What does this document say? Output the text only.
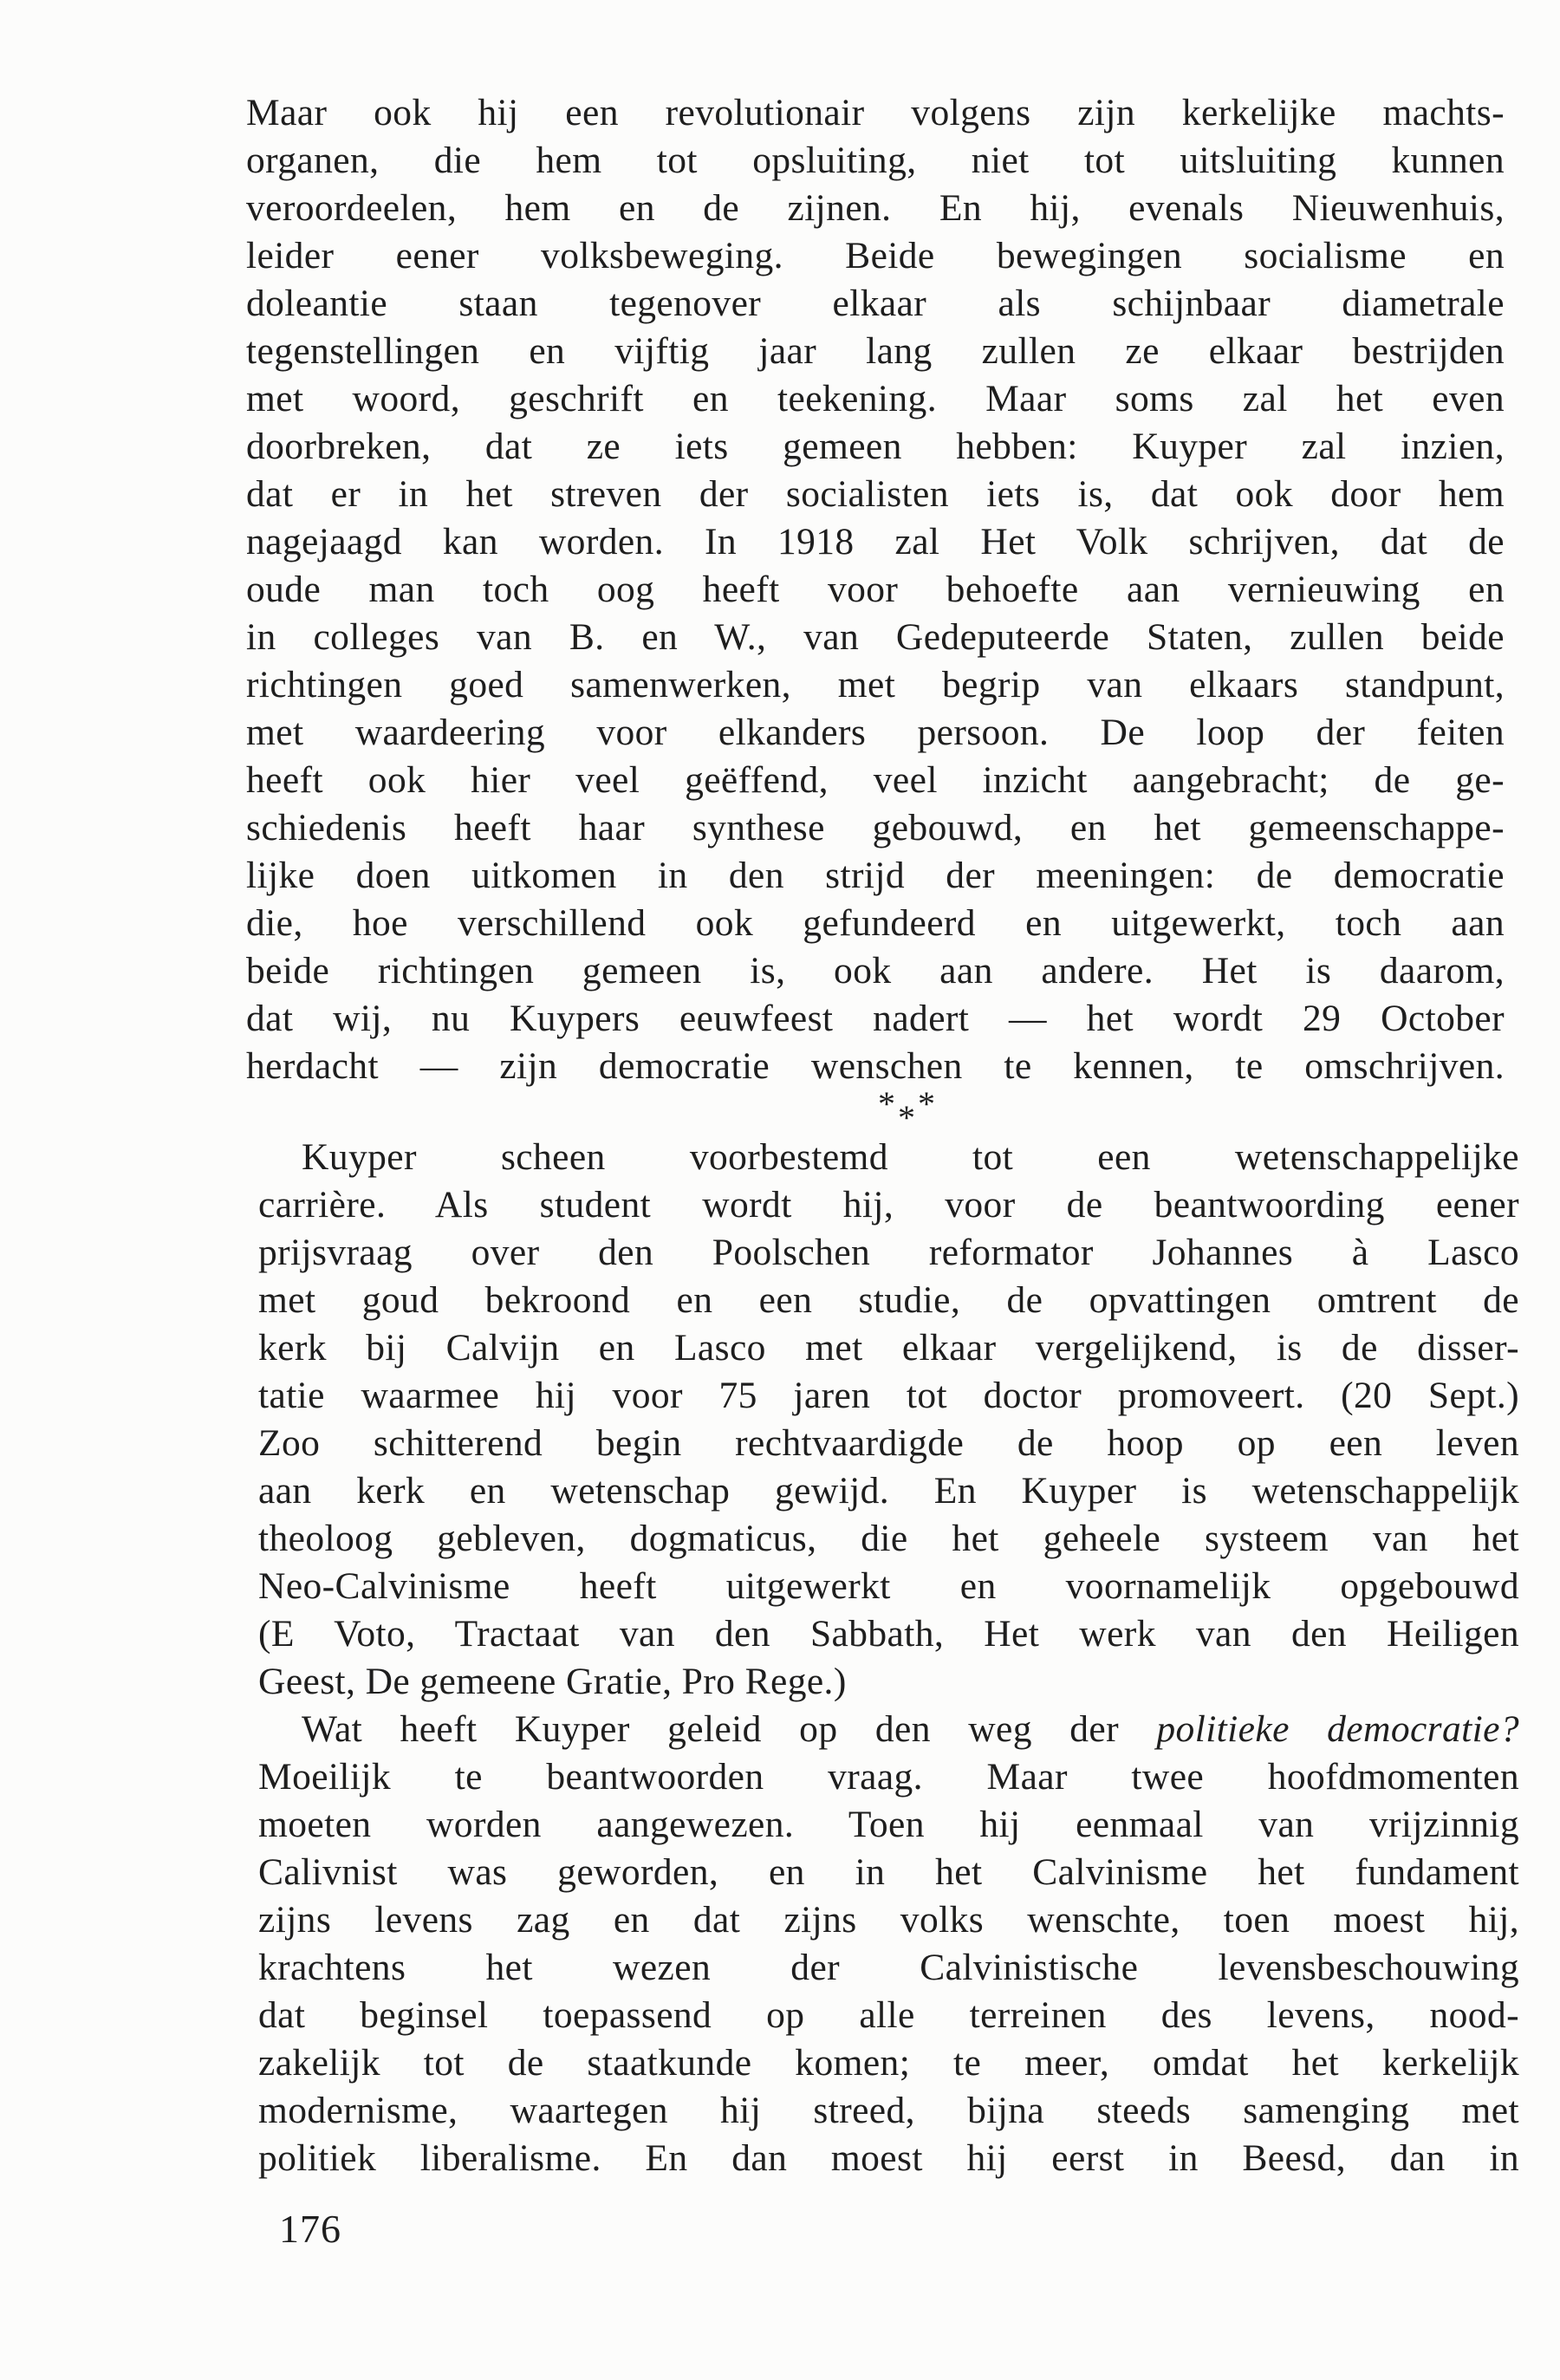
Maar ook hij een revolutionair volgens zijn kerkelijke machts-
organen, die hem tot opsluiting, niet tot uitsluiting kunnen
veroordeelen, hem en de zijnen. En hij, evenals Nieuwenhuis,
leider eener volksbeweging. Beide bewegingen socialisme en
doleantie staan tegenover elkaar als schijnbaar diametrale
tegenstellingen en vijftig jaar lang zullen ze elkaar bestrijden
met woord, geschrift en teekening. Maar soms zal het even
doorbreken, dat ze iets gemeen hebben: Kuyper zal inzien,
dat er in het streven der socialisten iets is, dat ook door hem
nagejaagd kan worden. In 1918 zal Het Volk schrijven, dat de
oude man toch oog heeft voor behoefte aan vernieuwing en
in colleges van B. en W., van Gedeputeerde Staten, zullen beide
richtingen goed samenwerken, met begrip van elkaars standpunt,
met waardeering voor elkanders persoon. De loop der feiten
heeft ook hier veel geëffend, veel inzicht aangebracht; de ge-
schiedenis heeft haar synthese gebouwd, en het gemeenschappe-
lijke doen uitkomen in den strijd der meeningen: de democratie
die, hoe verschillend ook gefundeerd en uitgewerkt, toch aan
beide richtingen gemeen is, ook aan andere. Het is daarom,
dat wij, nu Kuypers eeuwfeest nadert — het wordt 29 October
herdacht — zijn democratie wenschen te kennen, te omschrijven.
* * *
Kuyper scheen voorbestemd tot een wetenschappelijke
carrière. Als student wordt hij, voor de beantwoording eener
prijsvraag over den Poolschen reformator Johannes à Lasco
met goud bekroond en een studie, de opvattingen omtrent de
kerk bij Calvijn en Lasco met elkaar vergelijkend, is de disser-
tatie waarmee hij voor 75 jaren tot doctor promoveert. (20 Sept.)
Zoo schitterend begin rechtvaardigde de hoop op een leven
aan kerk en wetenschap gewijd. En Kuyper is wetenschappelijk
theoloog gebleven, dogmaticus, die het geheele systeem van het
Neo-Calvinisme heeft uitgewerkt en voornamelijk opgebouwd
(E Voto, Tractaat van den Sabbath, Het werk van den Heiligen
Geest, De gemeene Gratie, Pro Rege.)
Wat heeft Kuyper geleid op den weg der politieke democratie?
Moeilijk te beantwoorden vraag. Maar twee hoofdmomenten
moeten worden aangewezen. Toen hij eenmaal van vrijzinnig
Calivnist was geworden, en in het Calvinisme het fundament
zijns levens zag en dat zijns volks wenschte, toen moest hij,
krachtens het wezen der Calvinistische levensbeschouwing
dat beginsel toepassend op alle terreinen des levens, nood-
zakelijk tot de staatkunde komen; te meer, omdat het kerkelijk
modernisme, waartegen hij streed, bijna steeds samenging met
politiek liberalisme. En dan moest hij eerst in Beesd, dan in
176
